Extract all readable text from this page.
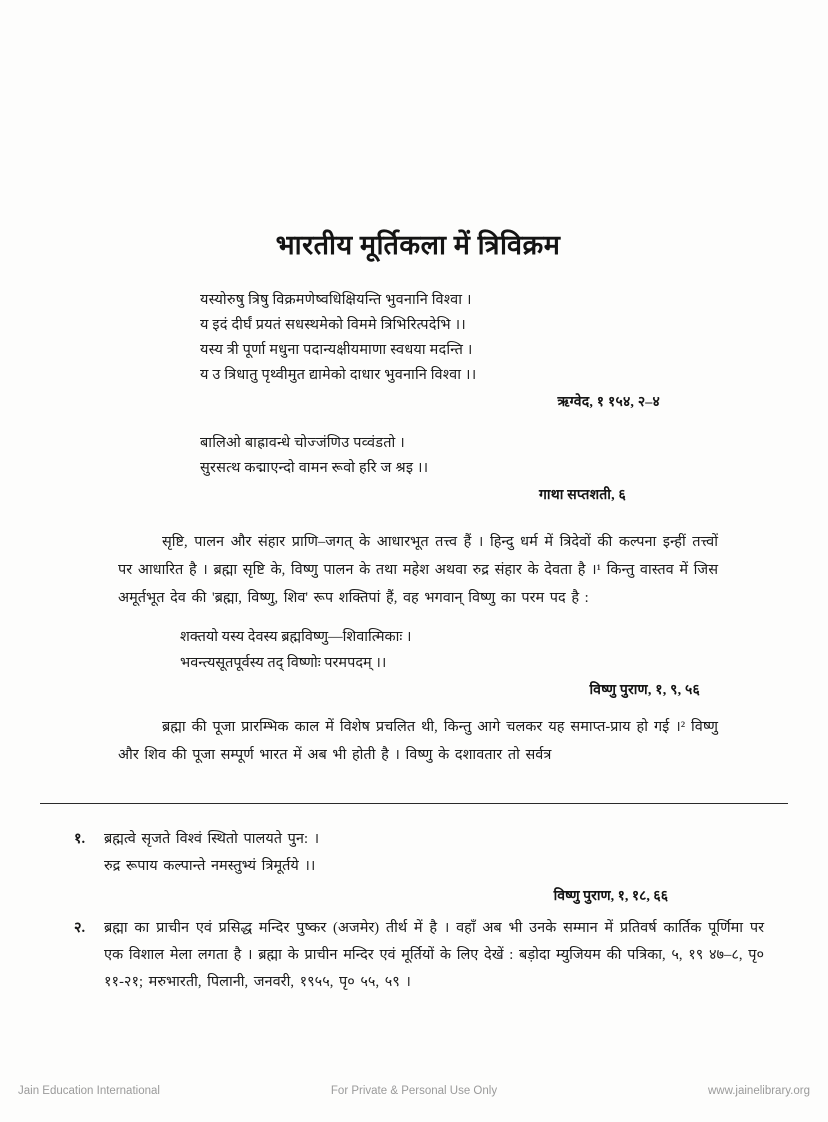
भारतीय मूर्तिकला में त्रिविक्रम
यस्योरुषु त्रिषु विक्रमणेष्वधिक्षियन्ति भुवनानि विश्वा ।
य इदं दीर्घं प्रयतं सधस्थमेको विममे त्रिभिरित्पदेभि ।।
यस्य त्री पूर्णा मधुना पदान्यक्षीयमाणा स्वधया मदन्ति ।
य उ त्रिधातु पृथ्वीमुत द्यामेको दाधार भुवनानि विश्वा ।।
ऋग्वेद, १ १५४, २–४
बालिओ बाह्रावन्धे चोज्जंणिउ पव्वंडतो ।
सुरसत्थ कद्माएन्दो वामन रूवो हरि ज श्रइ ।।
गाथा सप्तशती, ६

सृष्टि, पालन और संहार प्राणि–जगत् के आधारभूत तत्त्व हैं । हिन्दु धर्म में त्रिदेवों की कल्पना इन्हीं तत्त्वों पर आधारित है । ब्रह्मा सृष्टि के, विष्णु पालन के तथा महेश अथवा रुद्र संहार के देवता है ।¹ किन्तु वास्तव में जिस अमूर्तभूत देव की 'ब्रह्मा, विष्णु, शिव' रूप शक्तिपां हैं, वह भगवान् विष्णु का परम पद है :

शक्तयो यस्य देवस्य ब्रह्मविष्णु—शिवात्मिकाः ।
भवन्त्यसूतपूर्वस्य तद् विष्णोः परमपदम् ।।
विष्णु पुराण, १, ९, ५६

ब्रह्मा की पूजा प्रारम्भिक काल में विशेष प्रचलित थी, किन्तु आगे चलकर यह समाप्त-प्राय हो गई ।² विष्णु और शिव की पूजा सम्पूर्ण भारत में अब भी होती है । विष्णु के दशावतार तो सर्वत्र

१.	ब्रह्मत्वे सृजते विश्वं स्थितो पालयते पुन: ।
रुद्र रूपाय कल्पान्ते नमस्तुभ्यं त्रिमूर्तये ।।
विष्णु पुराण, १, १८, ६६
२.	ब्रह्मा का प्राचीन एवं प्रसिद्ध मन्दिर पुष्कर (अजमेर) तीर्थ में है । वहाँ अब भी उनके सम्मान में प्रतिवर्ष कार्तिक पूर्णिमा पर एक विशाल मेला लगता है । ब्रह्मा के प्राचीन मन्दिर एवं मूर्तियों के लिए देखें : बड़ोदा म्युजियम की पत्रिका, ५, १९ ४७–८, पृ० ११-२१; मरुभारती, पिलानी, जनवरी, १९५५, पृ० ५५, ५९ ।
Jain Education International	For Private & Personal Use Only	www.jainelibrary.org
